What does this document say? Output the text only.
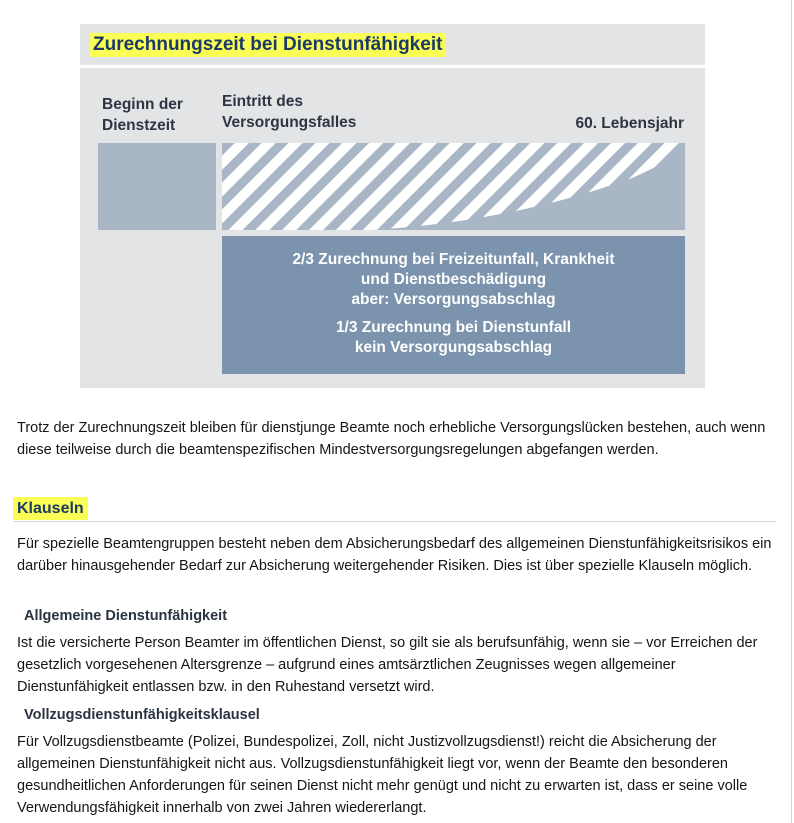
Zurechnungszeit bei Dienstunfähigkeit
Beginn der
Dienstzeit
Eintritt des
Versorgungsfalles	60. Lebensjahr
2/3 Zurechnung bei Freizeitunfall, Krankheit
und Dienstbeschädigung
aber: Versorgungsabschlag
1/3 Zurechnung bei Dienstunfall
kein Versorgungsabschlag

Trotz der Zurechnungszeit bleiben für dienstjunge Beamte noch erhebliche Versorgungslücken bestehen, auch wenn diese teilweise durch die beamtenspezifischen Mindestversorgungsregelungen abgefangen werden.

Klauseln

Für spezielle Beamtengruppen besteht neben dem Absicherungsbedarf des allgemeinen Dienstunfähigkeitsrisikos ein darüber hinausgehender Bedarf zur Absicherung weitergehender Risiken. Dies ist über spezielle Klauseln möglich.

Allgemeine Dienstunfähigkeit

Ist die versicherte Person Beamter im öffentlichen Dienst, so gilt sie als berufsunfähig, wenn sie – vor Erreichen der gesetzlich vorgesehenen Altersgrenze – aufgrund eines amtsärztlichen Zeugnisses wegen allgemeiner Dienstunfähigkeit entlassen bzw. in den Ruhestand versetzt wird.

Vollzugsdienstunfähigkeitsklausel

Für Vollzugsdienstbeamte (Polizei, Bundespolizei, Zoll, nicht Justizvollzugsdienst!) reicht die Absicherung der allgemeinen Dienstunfähigkeit nicht aus. Vollzugsdienstunfähigkeit liegt vor, wenn der Beamte den besonderen gesundheitlichen Anforderungen für seinen Dienst nicht mehr genügt und nicht zu erwarten ist, dass er seine volle Verwendungsfähigkeit innerhalb von zwei Jahren wiedererlangt.
